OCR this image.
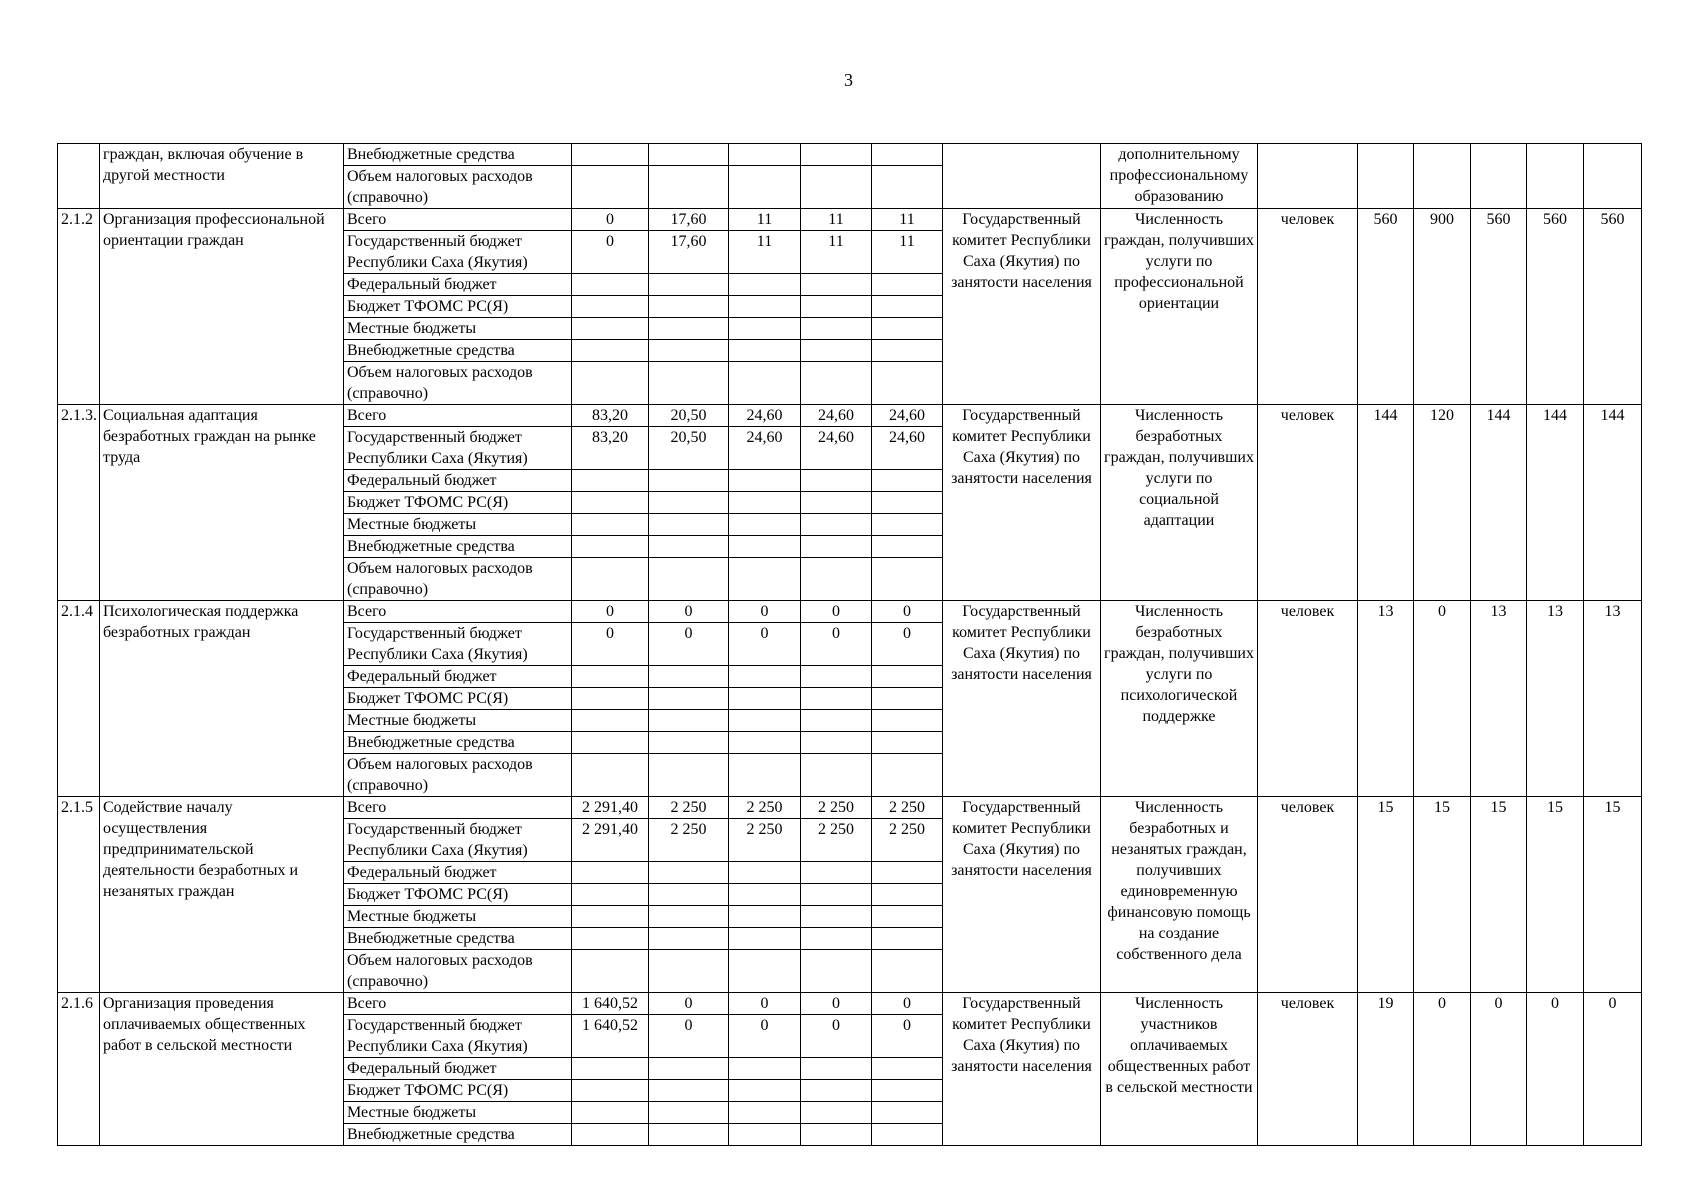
3
	граждан, включая обучение в другой местности	Внебюджетные средства							дополнительному профессиональному образованию						
		Объем налоговых расходов (справочно)													
2.1.2	Организация профессиональной ориентации граждан	Всего	0	17,60	11	11	11	Государственный комитет Республики Саха (Якутия) по занятости населения	Численность граждан, получивших услуги по профессиональной ориентации	человек	560	900	560	560	560
		Государственный бюджет Республики Саха (Якутия)	0	17,60	11	11	11								
		Федеральный бюджет													
		Бюджет ТФОМС РС(Я)													
		Местные бюджеты													
		Внебюджетные средства													
		Объем налоговых расходов (справочно)													
2.1.3.	Социальная адаптация безработных граждан на рынке труда	Всего	83,20	20,50	24,60	24,60	24,60	Государственный комитет Республики Саха (Якутия) по занятости населения	Численность безработных граждан, получивших услуги по социальной адаптации	человек	144	120	144	144	144
		Государственный бюджет Республики Саха (Якутия)	83,20	20,50	24,60	24,60	24,60								
		Федеральный бюджет													
		Бюджет ТФОМС РС(Я)													
		Местные бюджеты													
		Внебюджетные средства													
		Объем налоговых расходов (справочно)													
2.1.4	Психологическая поддержка безработных граждан	Всего	0	0	0	0	0	Государственный комитет Республики Саха (Якутия) по занятости населения	Численность безработных граждан, получивших услуги по психологической поддержке	человек	13	0	13	13	13
		Государственный бюджет Республики Саха (Якутия)	0	0	0	0	0								
		Федеральный бюджет													
		Бюджет ТФОМС РС(Я)													
		Местные бюджеты													
		Внебюджетные средства													
		Объем налоговых расходов (справочно)													
2.1.5	Содействие началу осуществления предпринимательской деятельности безработных и незанятых граждан	Всего	2 291,40	2 250	2 250	2 250	2 250	Государственный комитет Республики Саха (Якутия) по занятости населения	Численность безработных и незанятых граждан, получивших единовременную финансовую помощь на создание собственного дела	человек	15	15	15	15	15
		Государственный бюджет Республики Саха (Якутия)	2 291,40	2 250	2 250	2 250	2 250								
		Федеральный бюджет													
		Бюджет ТФОМС РС(Я)													
		Местные бюджеты													
		Внебюджетные средства													
		Объем налоговых расходов (справочно)													
2.1.6	Организация проведения оплачиваемых общественных работ в сельской местности	Всего	1 640,52	0	0	0	0	Государственный комитет Республики Саха (Якутия) по занятости населения	Численность участников оплачиваемых общественных работ в сельской местности	человек	19	0	0	0	0
		Государственный бюджет Республики Саха (Якутия)	1 640,52	0	0	0	0								
		Федеральный бюджет													
		Бюджет ТФОМС РС(Я)													
		Местные бюджеты													
		Внебюджетные средства													
